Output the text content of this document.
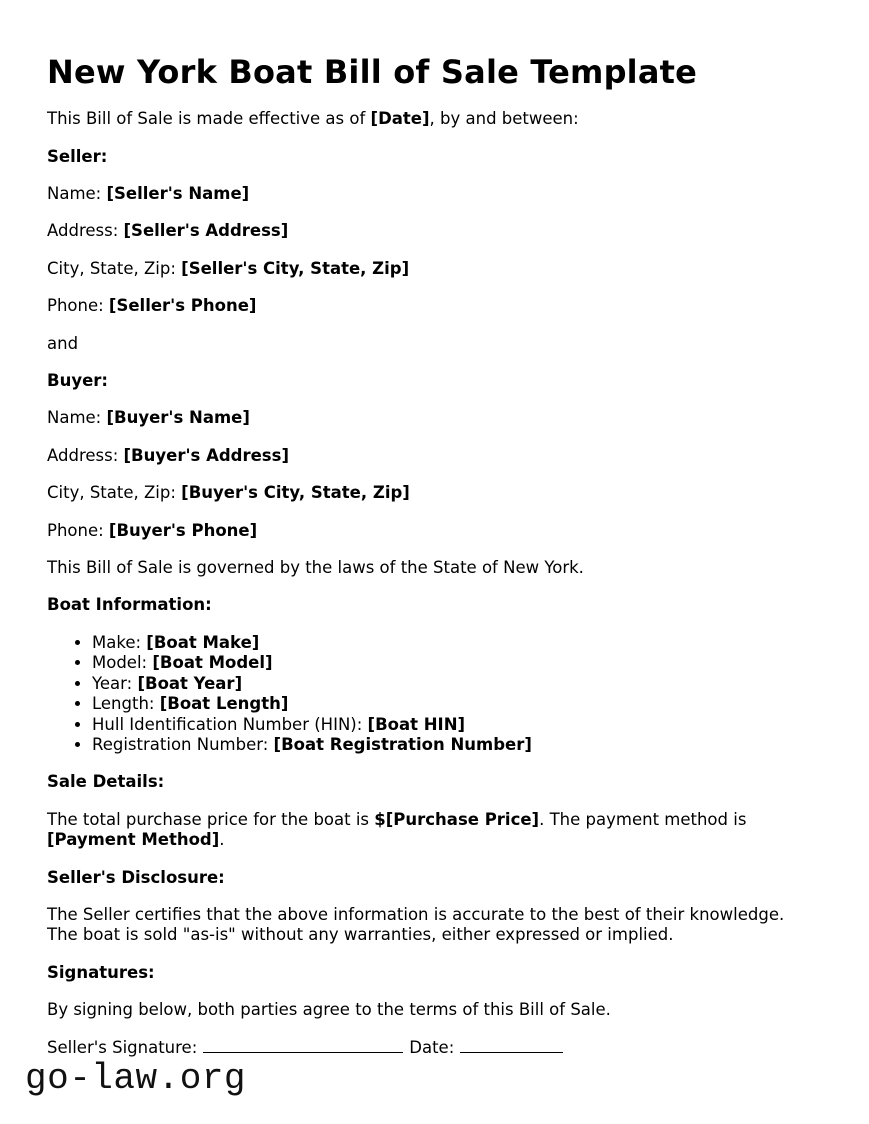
New York Boat Bill of Sale Template

This Bill of Sale is made effective as of [Date], by and between:

Seller:

Name: [Seller's Name]

Address: [Seller's Address]

City, State, Zip: [Seller's City, State, Zip]

Phone: [Seller's Phone]

and

Buyer:

Name: [Buyer's Name]

Address: [Buyer's Address]

City, State, Zip: [Buyer's City, State, Zip]

Phone: [Buyer's Phone]

This Bill of Sale is governed by the laws of the State of New York.

Boat Information:

• Make: [Boat Make]
• Model: [Boat Model]
• Year: [Boat Year]
• Length: [Boat Length]
• Hull Identification Number (HIN): [Boat HIN]
• Registration Number: [Boat Registration Number]

Sale Details:

The total purchase price for the boat is $[Purchase Price]. The payment method is
[Payment Method].

Seller's Disclosure:

The Seller certifies that the above information is accurate to the best of their knowledge.
The boat is sold "as-is" without any warranties, either expressed or implied.

Signatures:

By signing below, both parties agree to the terms of this Bill of Sale.

Seller's Signature:	Date:

go-law.org
